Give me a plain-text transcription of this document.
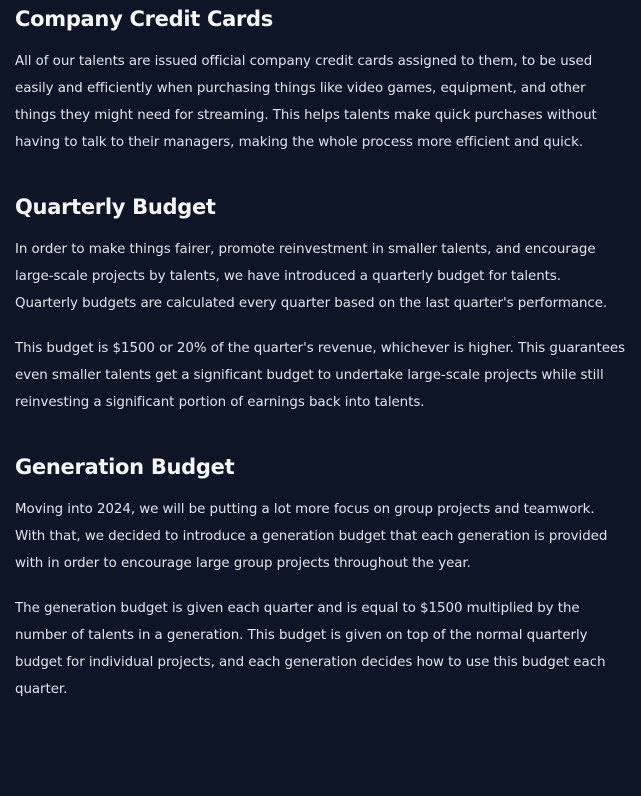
Company Credit Cards

All of our talents are issued official company credit cards assigned to them, to be used easily and efficiently when purchasing things like video games, equipment, and other things they might need for streaming. This helps talents make quick purchases without having to talk to their managers, making the whole process more efficient and quick.

Quarterly Budget

In order to make things fairer, promote reinvestment in smaller talents, and encourage large-scale projects by talents, we have introduced a quarterly budget for talents. Quarterly budgets are calculated every quarter based on the last quarter's performance.

This budget is $1500 or 20% of the quarter's revenue, whichever is higher. This guarantees even smaller talents get a significant budget to undertake large-scale projects while still reinvesting a significant portion of earnings back into talents.

Generation Budget

Moving into 2024, we will be putting a lot more focus on group projects and teamwork. With that, we decided to introduce a generation budget that each generation is provided with in order to encourage large group projects throughout the year.

The generation budget is given each quarter and is equal to $1500 multiplied by the number of talents in a generation. This budget is given on top of the normal quarterly budget for individual projects, and each generation decides how to use this budget each quarter.
